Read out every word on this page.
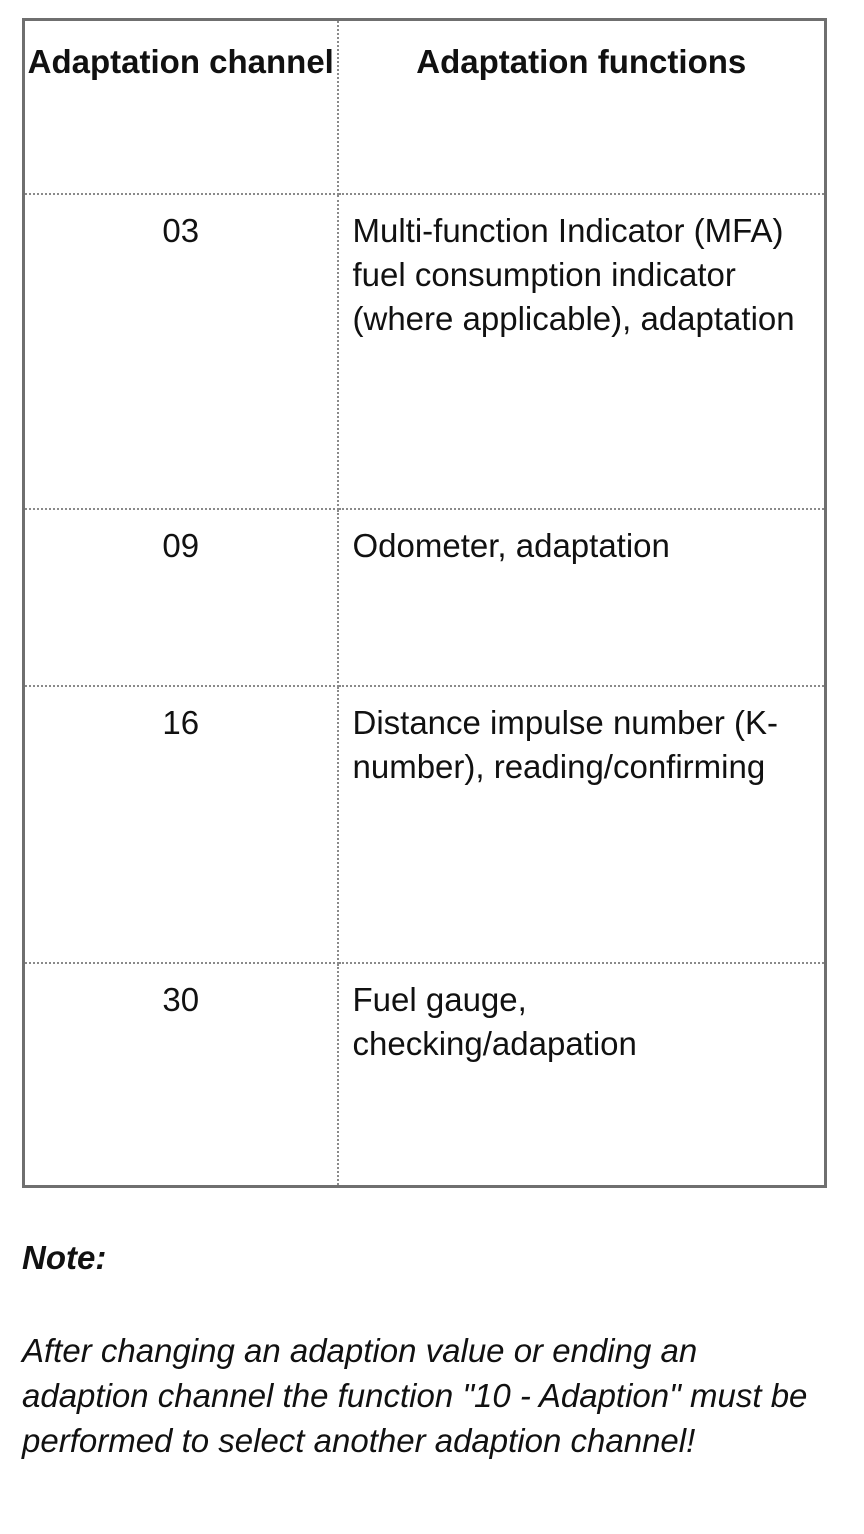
Adaptation channel	Adaptation functions
03	Multi-function Indicator (MFA) fuel consumption indicator (where applicable), adaptation
09	Odometer, adaptation
16	Distance impulse number (K-number), reading/confirming
30	Fuel gauge, checking/adapation
Note:
After changing an adaption value or ending an adaption channel the function "10 - Adaption" must be performed to select another adaption channel!
